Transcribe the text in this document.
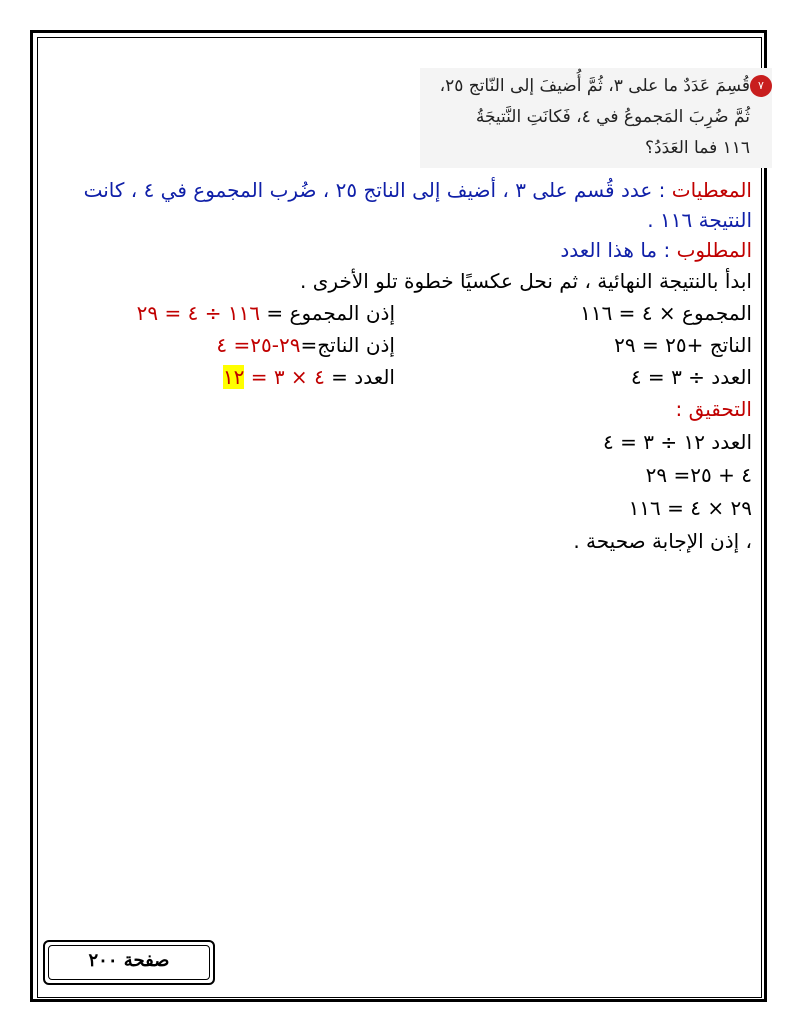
٧
قُسِمَ عَدَدٌ ما على ٣، ثُمَّ أُضيفَ إلى النّاتج ٢٥،
ثُمَّ ضُرِبَ المَجموعُ في ٤، فَكانَتِ النَّتيجَةُ
١١٦ فما العَدَدُ؟
المعطيات : عدد قُسم على ٣ ، أضيف إلى الناتج ٢٥ ، ضُرب المجموع في ٤ ، كانت
النتيجة ١١٦ .
المطلوب : ما هذا العدد
ابدأ بالنتيجة النهائية ، ثم نحل عكسيًا خطوة تلو الأخرى .
المجموع × ٤ = ١١٦
إذن المجموع = ١١٦ ÷ ٤ = ٢٩
الناتج +٢٥ = ٢٩
إذن الناتج=٢٩-٢٥= ٤
العدد ÷ ٣ = ٤
العدد = ٤ × ٣ = ١٢
التحقيق :
العدد ١٢ ÷ ٣ = ٤
٤ + ٢٥= ٢٩
٢٩ × ٤ = ١١٦
، إذن الإجابة صحيحة .
صفحة ٢٠٠
